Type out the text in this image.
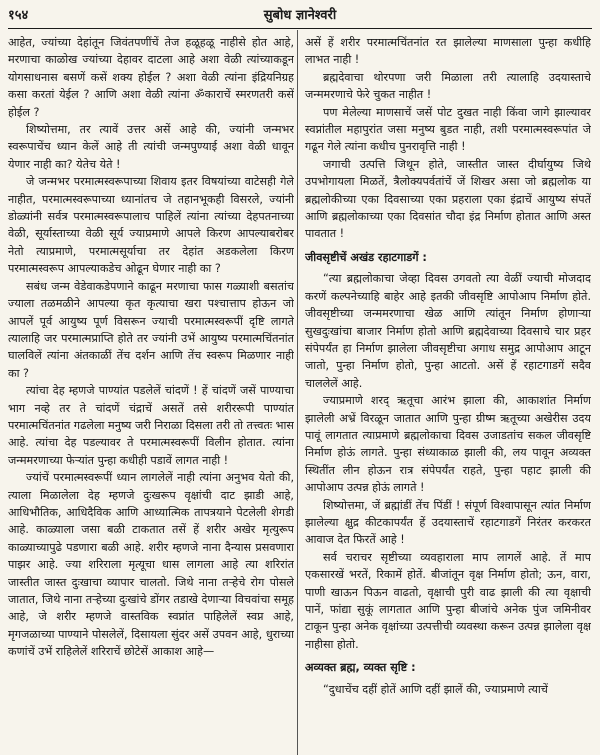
१५४	सुबोध ज्ञानेश्वरी

आहेत, ज्यांच्या देहांतून जिवंतपणींचें तेज हळूहळू नाहीसे होत आहे, मरणाचा काळोख ज्यांच्या देहावर दाटला आहे अशा वेळी त्यांच्याकडून योगसाधनास बसणें कसें शक्य होईल ? अशा वेळी त्यांना इंद्रियनिग्रह कसा करतां येईल ? आणि अशा वेळी त्यांना ॐकाराचें स्मरणतरी कसें होईल ?

शिष्योत्तमा, तर त्यावें उत्तर असें आहे की, ज्यांनी जन्मभर स्वरूपाचेंच ध्यान केलें आहे ती त्यांची जन्मपुण्याई अशा वेळी धावून येणार नाही का? येतेच येते !

जे जन्मभर परमात्मस्वरूपाच्या शिवाय इतर विषयांच्या वाटेसही गेले नाहीत, परमात्मस्वरूपाच्या ध्यानांतच जे तहानभूकही विसरले, ज्यांनी डोळ्यांनी सर्वत्र परमात्मस्वरूपालाच पाहिलें त्यांना त्यांच्या देहपतनाच्या वेळी, सूर्यास्ताच्या वेळी सूर्य ज्याप्रमाणे आपले किरण आपल्याबरोबर नेतो त्याप्रमाणे, परमात्मसूर्याचा तर देहांत अडकलेला किरण परमात्मस्वरूप आपल्याकडेच ओढून घेणार नाही का ?

सबंध जन्म वेडेवाकडेपणाने काढून मरणाचा फास गळ्याशी बसतांच ज्याला तळमळीने आपल्या कृत कृत्याचा खरा पश्चात्ताप होऊन जो आपलें पूर्व आयुष्य पूर्ण विसरून ज्याची परमात्मस्वरूपीं दृष्टि लागते त्यालाहि जर परमात्मप्राप्ति होते तर ज्यांनी उभें आयुष्य परमात्मचिंतनांत घालविलें त्यांना अंतकाळीं तेंच दर्शन आणि तेंच स्वरूप मिळणार नाही का ?

त्यांचा देह म्हणजे पाण्यांत पडलेलें चांदणें ! हें चांदणें जसें पाण्याचा भाग नव्हे तर ते चांदणें चंद्राचें असतें तसे शरीररूपी पाण्यांत परमात्मचिंतनांत गढलेला मनुष्य जरी निराळा दिसला तरी तो तत्त्वतः भास आहे. त्यांचा देह पडल्यावर ते परमात्मस्वरूपीं विलीन होतात. त्यांना जन्ममरणाच्या फेऱ्यांत पुन्हा कधीही पडावें लागत नाही !

ज्यांचें परमात्मस्वरूपीं ध्यान लागलेलें नाही त्यांना अनुभव येतो की, त्याला मिळालेला देह म्हणजे दुःखरूप वृक्षांची दाट झाडी आहे, आधिभौतिक, आधिदैविक आणि आध्यात्मिक तापत्रयाने पेटलेली शेगडी आहे. काळ्याला जसा बळी टाकतात तसें हें शरीर अखेर मृत्युरूप काळ्याच्यापुढे पडणारा बळी आहे. शरीर म्हणजे नाना दैन्यास प्रसवणारा पाझर आहे. ज्या शरिराला मृत्यूचा धास लागला आहे त्या शरिरांत जास्तीत जास्त दुःखाचा व्यापार चालतो. जिथे नाना तऱ्हेचे रोग पोसले जातात, जिथे नाना तऱ्हेच्या दुःखांचे डोंगर तडाखे देणाऱ्या विचवांचा समूह आहे, जे शरीर म्हणजे वास्तविक स्वप्नांत पाहिलेलें स्वप्न आहे, मृगजळाच्या पाण्याने पोसलेलें, दिसायला सुंदर असें उपवन आहे, धुराच्या कणांचें उभें राहिलेलें शरिराचें छोटेसें आकाश आहे—

असें हें शरीर परमात्मचिंतनांत रत झालेल्या माणसाला पुन्हा कधीहि लाभत नाही !

ब्रह्मदेवाचा थोरपणा जरी मिळाला तरी त्यालाहि उदयास्ताचे जन्ममरणाचे फेरे चुकत नाहीत !

पण मेलेल्या माणसाचें जसें पोट दुखत नाही किंवा जागे झाल्यावर स्वप्नांतील महापुरांत जसा मनुष्य बुडत नाही, तशी परमात्मस्वरूपांत जे गढून गेले त्यांना कधीच पुनरावृत्ति नाही !

जगाची उत्पत्ति जिथून होते, जास्तीत जास्त दीर्घायुष्य जिथे उपभोगायला मिळतें, त्रैलोक्यपर्वतांचें जें शिखर असा जो ब्रह्मलोक या ब्रह्मलोकीच्या एका दिवसाच्या एका प्रहराला एका इंद्राचें आयुष्य संपतें आणि ब्रह्मलोकाच्या एका दिवसांत चौदा इंद्र निर्माण होतात आणि अस्त पावतात !

जीवसृष्टीचें अखंड रहाटगाडगें :

“त्या ब्रह्मलोकाचा जेव्हा दिवस उगवतो त्या वेळीं ज्याची मोजदाद करणें कल्पनेच्याहि बाहेर आहे इतकी जीवसृष्टि आपोआप निर्माण होते. जीवसृष्टीच्या जन्ममरणाचा खेळ आणि त्यांतून निर्माण होणाऱ्या सुखदुःखांचा बाजार निर्माण होतो आणि ब्रह्मदेवाच्या दिवसाचे चार प्रहर संपेपर्यंत हा निर्माण झालेला जीवसृष्टीचा अगाध समुद्र आपोआप आटून जातो, पुन्हा निर्माण होतो, पुन्हा आटतो. असें हें रहाटगाडगें सदैव चाललेलें आहे.

ज्याप्रमाणे शरद् ऋतूचा आरंभ झाला की, आकाशांत निर्माण झालेली अभ्रें विरळून जातात आणि पुन्हा ग्रीष्म ऋतूच्या अखेरीस उदय पावूं लागतात त्याप्रमाणे ब्रह्मलोकाचा दिवस उजाडतांच सकल जीवसृष्टि निर्माण होऊं लागते. पुन्हा संध्याकाळ झाली की, लय पावून अव्यक्त स्थितींत लीन होऊन रात्र संपेपर्यंत राहते, पुन्हा पहाट झाली की आपोआप उत्पन्न होऊं लागते !

शिष्योत्तमा, जें ब्रह्मांडीं तेंच पिंडीं ! संपूर्ण विश्वापासून त्यांत निर्माण झालेल्या क्षुद्र कीटकापर्यंत हें उदयास्ताचें रहाटगाडगें निरंतर करकरत आवाज देत फिरतें आहे !

सर्व चराचर सृष्टीच्या व्यवहाराला माप लागलें आहे. तें माप एकसारखें भरतें, रिकामें होतें. बीजांतून वृक्ष निर्माण होतो; ऊन, वारा, पाणी खाऊन पिऊन वाढतो, वृक्षाची पुरी वाढ झाली की त्या वृक्षाची पानें, फांद्या सुकूं लागतात आणि पुन्हा बीजांचे अनेक पुंज जमिनीवर टाकून पुन्हा अनेक वृक्षांच्या उत्पत्तीची व्यवस्था करून उत्पन्न झालेला वृक्ष नाहीसा होतो.

अव्यक्त ब्रह्म, व्यक्त सृष्टि :

“दुधाचेंच दहीं होतें आणि दहीं झालें की, ज्याप्रमाणे त्याचें
